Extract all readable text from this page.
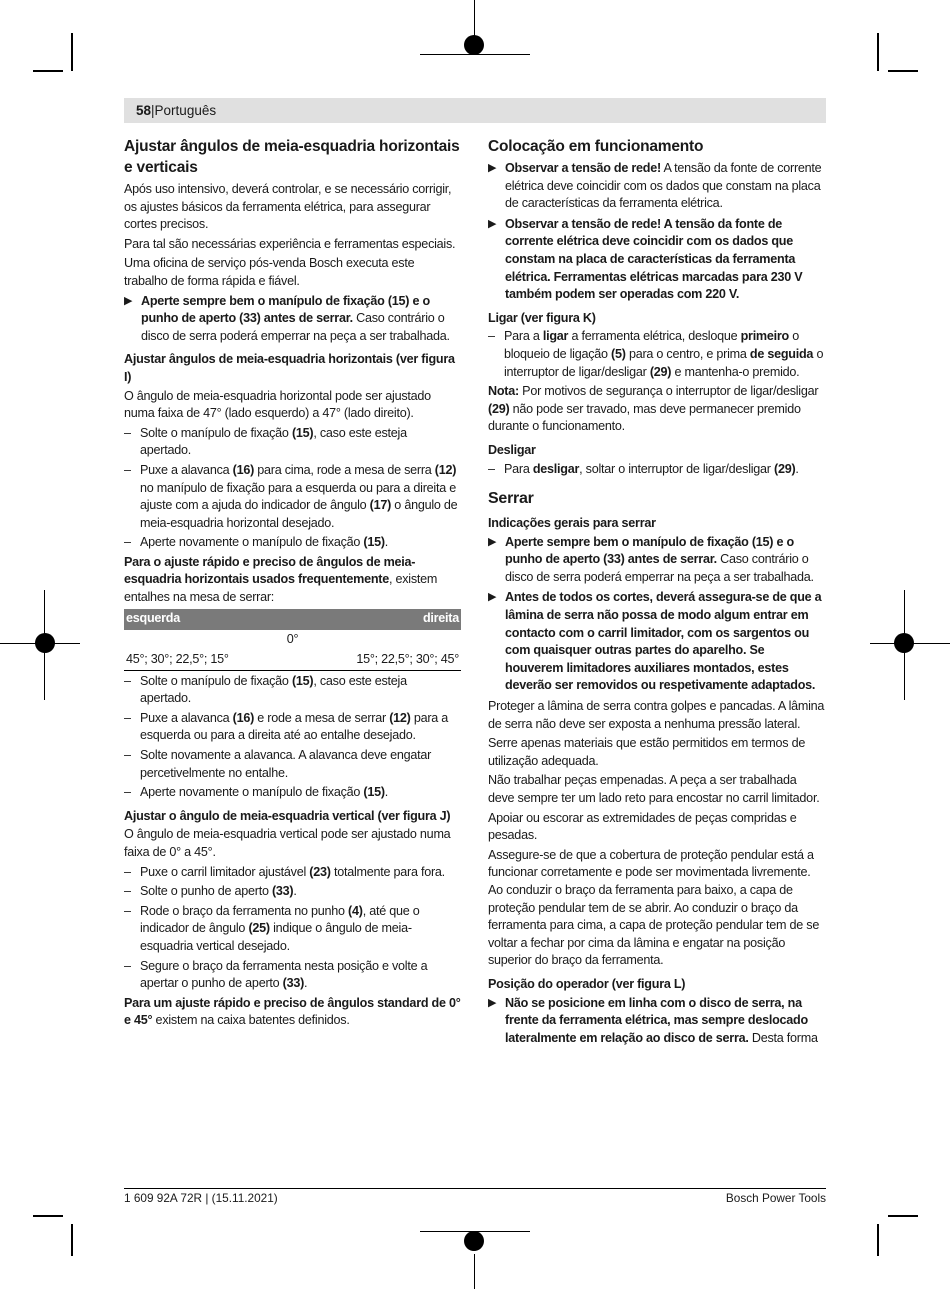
58|Português
Ajustar ângulos de meia-esquadria horizontais e verticais
Após uso intensivo, deverá controlar, e se necessário corrigir, os ajustes básicos da ferramenta elétrica, para assegurar cortes precisos.
Para tal são necessárias experiência e ferramentas especiais.
Uma oficina de serviço pós-venda Bosch executa este trabalho de forma rápida e fiável.
▶ Aperte sempre bem o manípulo de fixação (15) e o punho de aperto (33) antes de serrar. Caso contrário o disco de serra poderá emperrar na peça a ser trabalhada.
Ajustar ângulos de meia-esquadria horizontais (ver figura I)
O ângulo de meia-esquadria horizontal pode ser ajustado numa faixa de 47° (lado esquerdo) a 47° (lado direito).
– Solte o manípulo de fixação (15), caso este esteja apertado.
– Puxe a alavanca (16) para cima, rode a mesa de serra (12) no manípulo de fixação para a esquerda ou para a direita e ajuste com a ajuda do indicador de ângulo (17) o ângulo de meia-esquadria horizontal desejado.
– Aperte novamente o manípulo de fixação (15).
Para o ajuste rápido e preciso de ângulos de meia-esquadria horizontais usados frequentemente, existem entalhes na mesa de serrar:
esquerda	direita
0°	
45°; 30°; 22,5°; 15°	15°; 22,5°; 30°; 45°
– Solte o manípulo de fixação (15), caso este esteja apertado.
– Puxe a alavanca (16) e rode a mesa de serrar (12) para a esquerda ou para a direita até ao entalhe desejado.
– Solte novamente a alavanca. A alavanca deve engatar percetivelmente no entalhe.
– Aperte novamente o manípulo de fixação (15).
Ajustar o ângulo de meia-esquadria vertical (ver figura J)
O ângulo de meia-esquadria vertical pode ser ajustado numa faixa de 0° a 45°.
– Puxe o carril limitador ajustável (23) totalmente para fora.
– Solte o punho de aperto (33).
– Rode o braço da ferramenta no punho (4), até que o indicador de ângulo (25) indique o ângulo de meia-esquadria vertical desejado.
– Segure o braço da ferramenta nesta posição e volte a apertar o punho de aperto (33).
Para um ajuste rápido e preciso de ângulos standard de 0° e 45° existem na caixa batentes definidos.
Colocação em funcionamento
▶ Observar a tensão de rede! A tensão da fonte de corrente elétrica deve coincidir com os dados que constam na placa de características da ferramenta elétrica.
▶ Observar a tensão de rede! A tensão da fonte de corrente elétrica deve coincidir com os dados que constam na placa de características da ferramenta elétrica. Ferramentas elétricas marcadas para 230 V também podem ser operadas com 220 V.
Ligar (ver figura K)
– Para a ligar a ferramenta elétrica, desloque primeiro o bloqueio de ligação (5) para o centro, e prima de seguida o interruptor de ligar/desligar (29) e mantenha-o premido.
Nota: Por motivos de segurança o interruptor de ligar/desligar (29) não pode ser travado, mas deve permanecer premido durante o funcionamento.
Desligar
– Para desligar, soltar o interruptor de ligar/desligar (29).
Serrar
Indicações gerais para serrar
▶ Aperte sempre bem o manípulo de fixação (15) e o punho de aperto (33) antes de serrar. Caso contrário o disco de serra poderá emperrar na peça a ser trabalhada.
▶ Antes de todos os cortes, deverá assegura-se de que a lâmina de serra não possa de modo algum entrar em contacto com o carril limitador, com os sargentos ou com quaisquer outras partes do aparelho. Se houverem limitadores auxiliares montados, estes deverão ser removidos ou respetivamente adaptados.
Proteger a lâmina de serra contra golpes e pancadas. A lâmina de serra não deve ser exposta a nenhuma pressão lateral.
Serre apenas materiais que estão permitidos em termos de utilização adequada.
Não trabalhar peças empenadas. A peça a ser trabalhada deve sempre ter um lado reto para encostar no carril limitador.
Apoiar ou escorar as extremidades de peças compridas e pesadas.
Assegure-se de que a cobertura de proteção pendular está a funcionar corretamente e pode ser movimentada livremente. Ao conduzir o braço da ferramenta para baixo, a capa de proteção pendular tem de se abrir. Ao conduzir o braço da ferramenta para cima, a capa de proteção pendular tem de se voltar a fechar por cima da lâmina e engatar na posição superior do braço da ferramenta.
Posição do operador (ver figura L)
▶ Não se posicione em linha com o disco de serra, na frente da ferramenta elétrica, mas sempre deslocado lateralmente em relação ao disco de serra. Desta forma
1 609 92A 72R | (15.11.2021)	Bosch Power Tools
